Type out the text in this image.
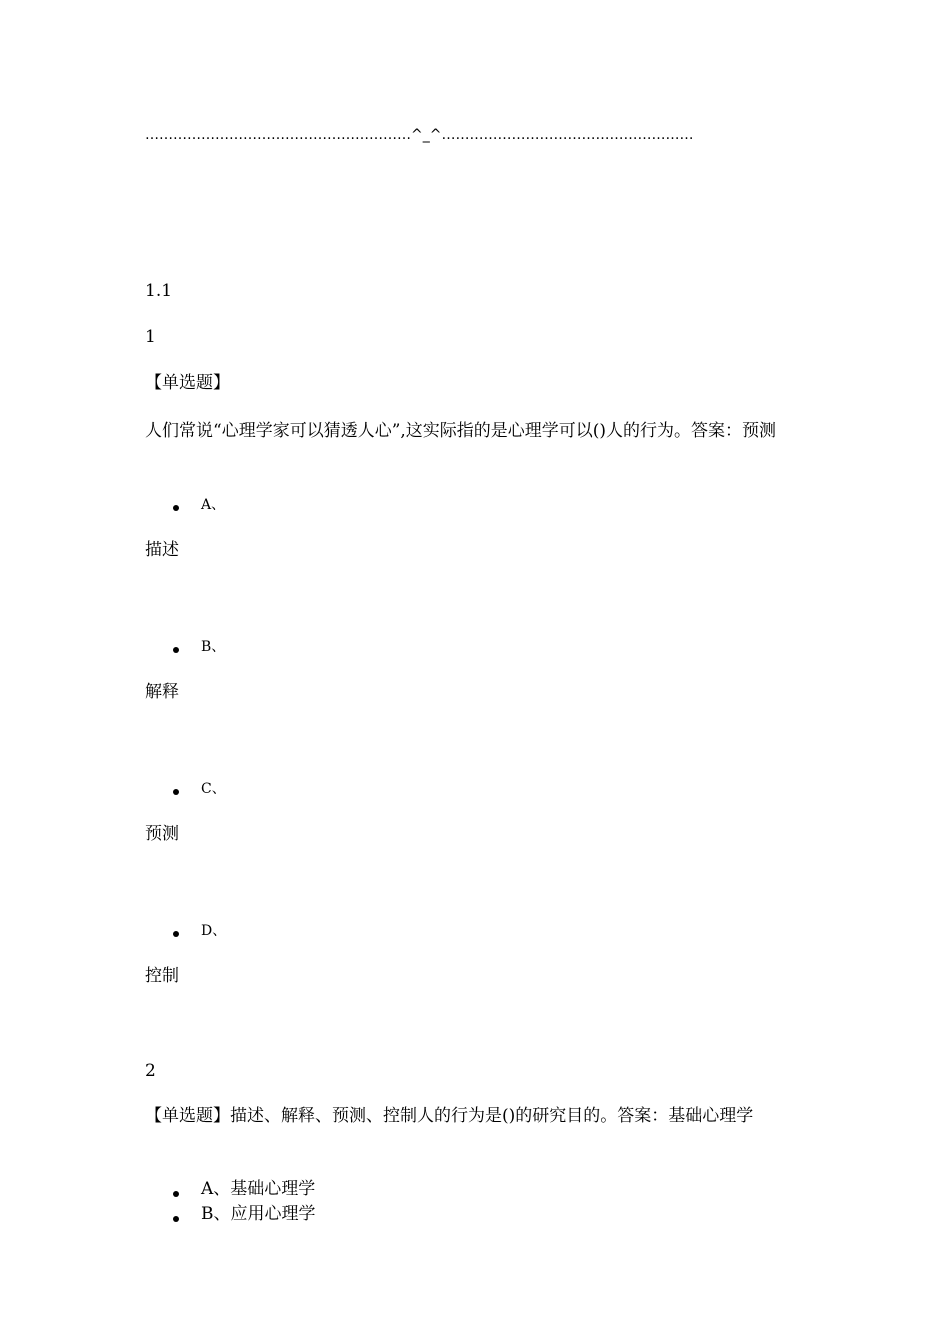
…………………………………………………^_^………………………………………………
1.1
1
【单选题】
人们常说“心理学家可以猜透人心”,这实际指的是心理学可以()人的行为。答案：预测
A、
描述
B、
解释
C、
预测
D、
控制
2
【单选题】描述、解释、预测、控制人的行为是()的研究目的。答案：基础心理学
A、基础心理学
B、应用心理学
